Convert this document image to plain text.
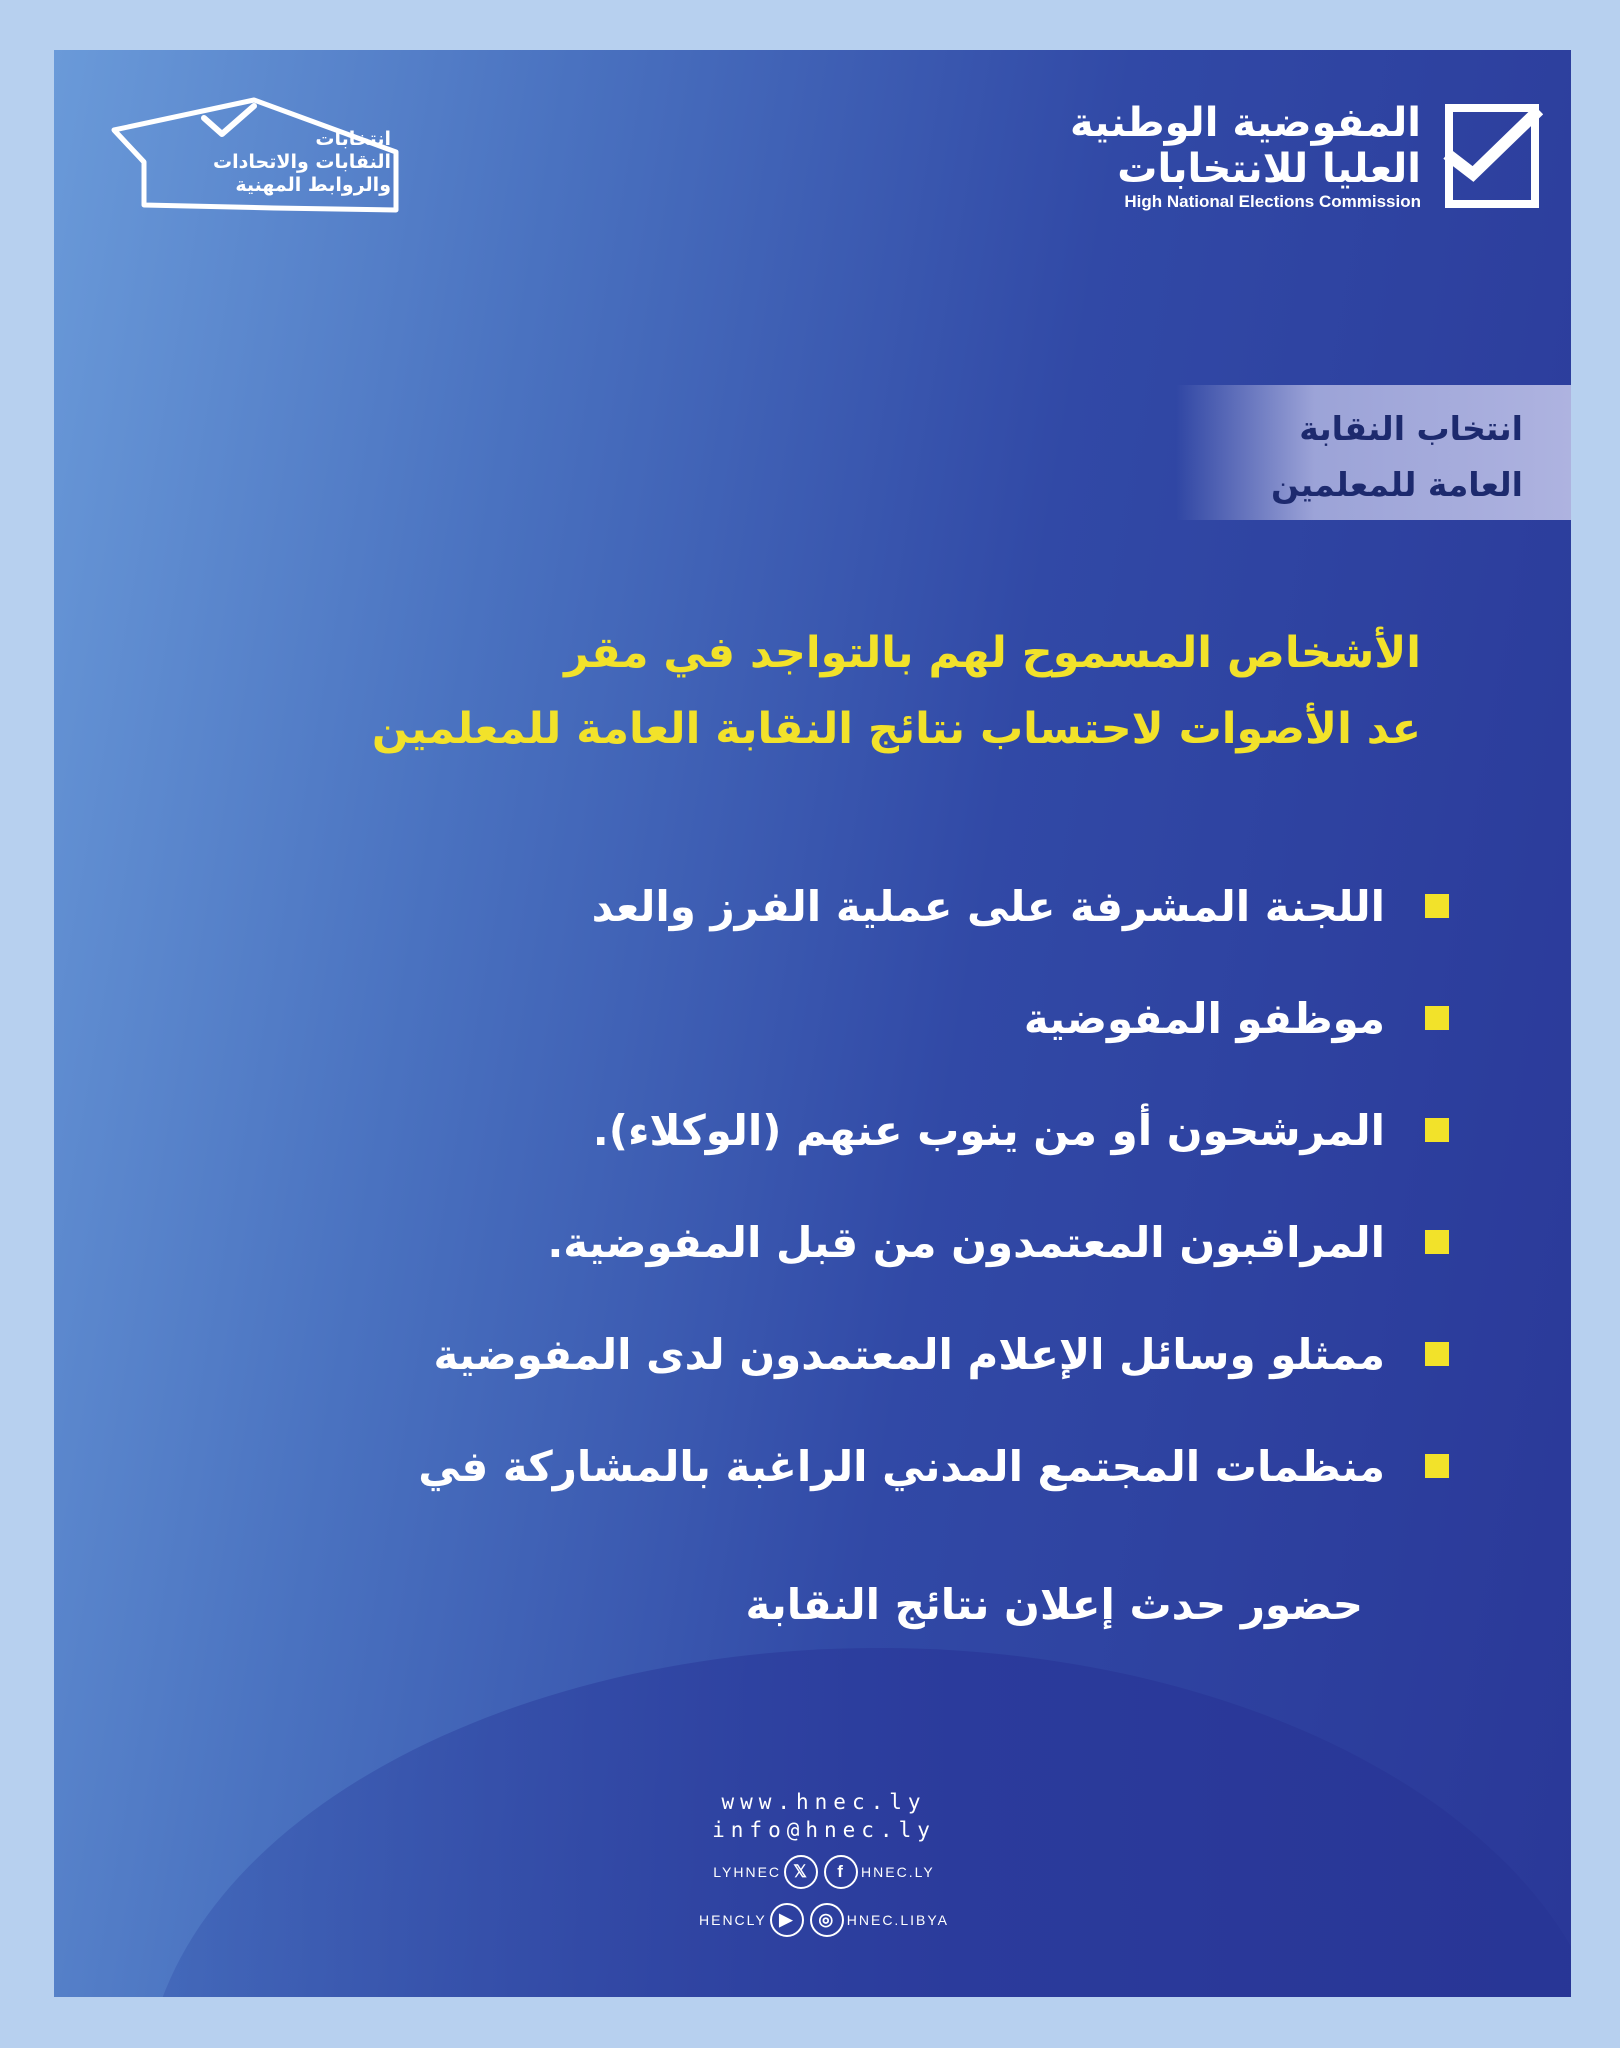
انتخابات
النقابات والاتحادات
والروابط المهنية
المفوضية الوطنية
العليا للانتخابات
High National Elections Commission
انتخاب النقابة
العامة للمعلمين
الأشخاص المسموح لهم بالتواجد في مقر
عد الأصوات لاحتساب نتائج النقابة العامة للمعلمين
اللجنة المشرفة على عملية الفرز والعد
موظفو المفوضية
المرشحون أو من ينوب عنهم (الوكلاء).
المراقبون المعتمدون من قبل المفوضية.
ممثلو وسائل الإعلام المعتمدون لدى المفوضية
منظمات المجتمع المدني الراغبة بالمشاركة في
حضور حدث إعلان نتائج النقابة
www.hnec.ly
info@hnec.ly
LYHNEC 𝕏	f	HNEC.LY
HENCLY ▶	◎ HNEC.LIBYA
